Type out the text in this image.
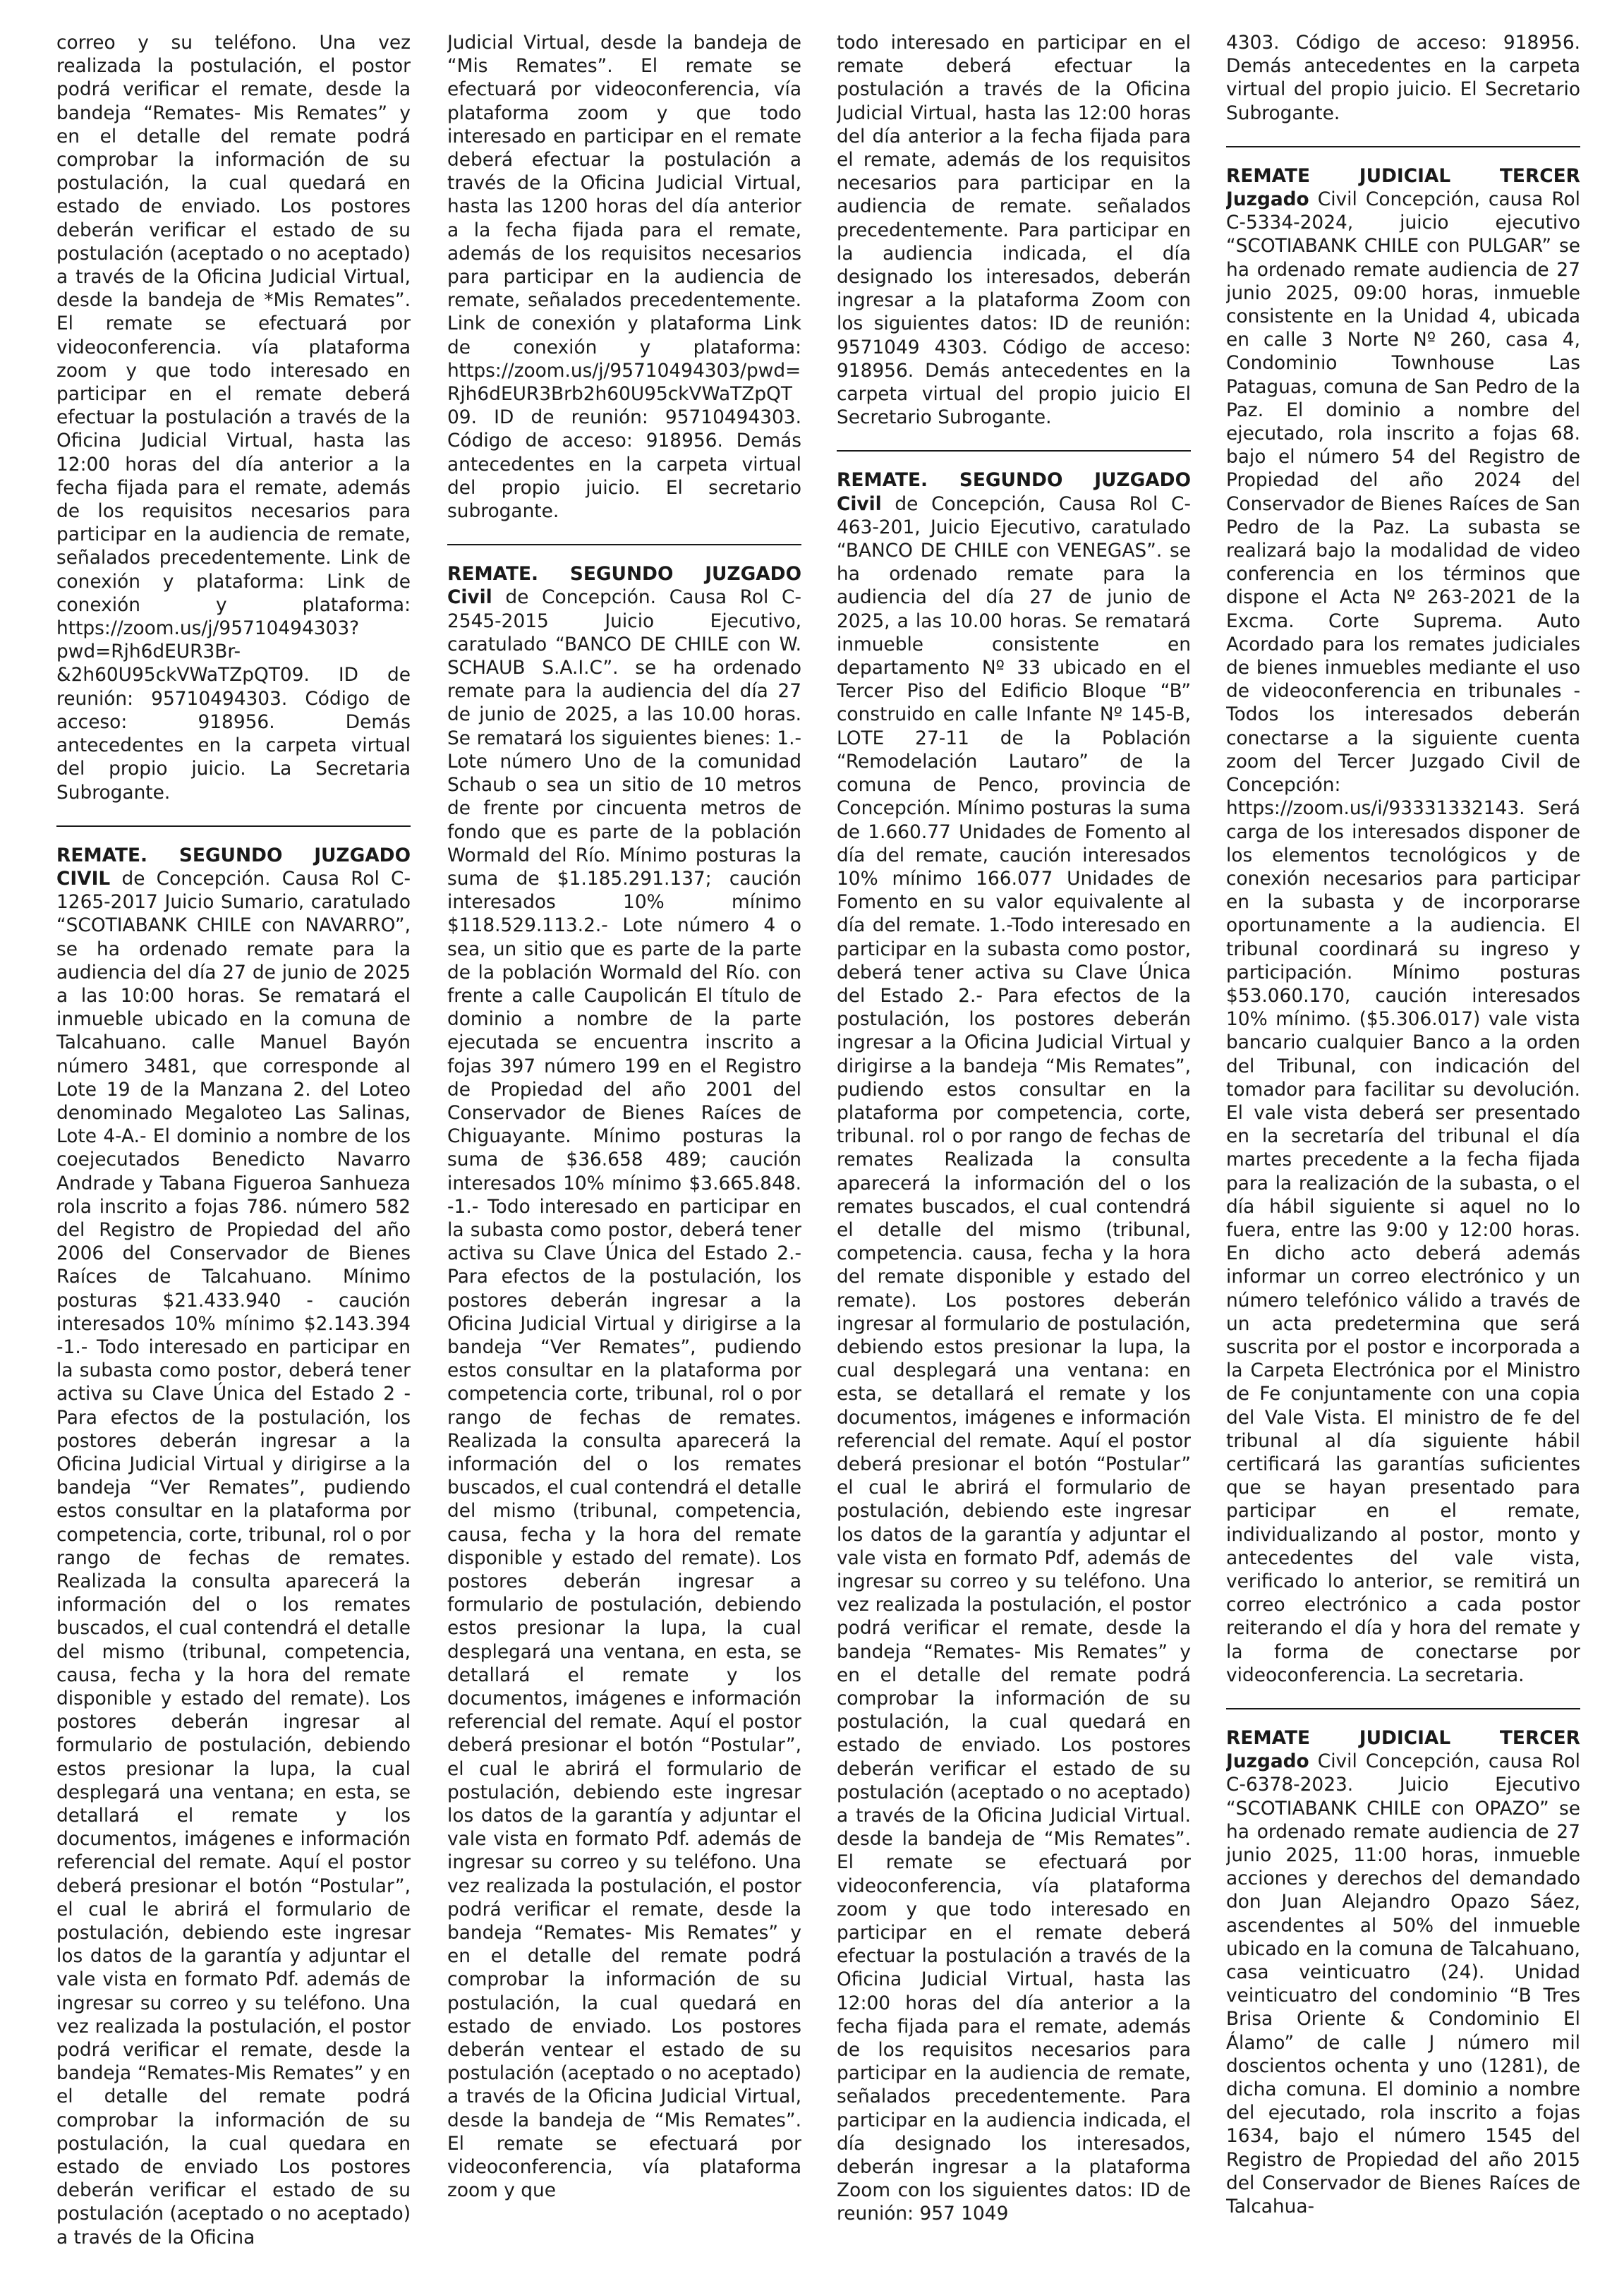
correo y su teléfono. Una vez realizada la postulación, el postor podrá verificar el remate, desde la bandeja “Remates- Mis Remates” y en el detalle del remate podrá comprobar la información de su postulación, la cual quedará en estado de enviado. Los postores deberán verificar el estado de su postulación (aceptado o no aceptado) a través de la Oficina Judicial Virtual, desde la bandeja de *Mis Remates”. El remate se efectuará por videoconferencia. vía plataforma zoom y que todo interesado en participar en el remate deberá efectuar la postulación a través de la Oficina Judicial Virtual, hasta las 12:00 horas del día anterior a la fecha fijada para el remate, además de los requisitos necesarios para participar en la audiencia de remate, señalados precedentemente. Link de conexión y plataforma: Link de conexión y plataforma: https://zoom.us/j/95710494303?pwd=Rjh6dEUR3Br-&2h60U95ckVWaTZpQT09. ID de reunión: 95710494303. Código de acceso: 918956. Demás antecedentes en la carpeta virtual del propio juicio. La Secretaria Subrogante.

REMATE. SEGUNDO JUZGADO CIVIL de Concepción. Causa Rol C-1265-2017 Juicio Sumario, caratulado “SCOTIABANK CHILE con NAVARRO”, se ha ordenado remate para la audiencia del día 27 de junio de 2025 a las 10:00 horas. Se rematará el inmueble ubicado en la comuna de Talcahuano. calle Manuel Bayón número 3481, que corresponde al Lote 19 de la Manzana 2. del Loteo denominado Megaloteo Las Salinas, Lote 4-A.- El dominio a nombre de los coejecutados Benedicto Navarro Andrade y Tabana Figueroa Sanhueza rola inscrito a fojas 786. número 582 del Registro de Propiedad del año 2006 del Conservador de Bienes Raíces de Talcahuano. Mínimo posturas $21.433.940 - caución interesados 10% mínimo $2.143.394 -1.- Todo interesado en participar en la subasta como postor, deberá tener activa su Clave Única del Estado 2 -Para efectos de la postulación, los postores deberán ingresar a la Oficina Judicial Virtual y dirigirse a la bandeja “Ver Remates”, pudiendo estos consultar en la plataforma por competencia, corte, tribunal, rol o por rango de fechas de remates. Realizada la consulta aparecerá la información del o los remates buscados, el cual contendrá el detalle del mismo (tribunal, competencia, causa, fecha y la hora del remate disponible y estado del remate). Los postores deberán ingresar al formulario de postulación, debiendo estos presionar la lupa, la cual desplegará una ventana; en esta, se detallará el remate y los documentos, imágenes e información referencial del remate. Aquí el postor deberá presionar el botón “Postular”, el cual le abrirá el formulario de postulación, debiendo este ingresar los datos de la garantía y adjuntar el vale vista en formato Pdf. además de ingresar su correo y su teléfono. Una vez realizada la postulación, el postor podrá verificar el remate, desde la bandeja “Remates-Mis Remates” y en el detalle del remate podrá comprobar la información de su postulación, la cual quedara en estado de enviado Los postores deberán verificar el estado de su postulación (aceptado o no aceptado) a través de la Oficina

Judicial Virtual, desde la bandeja de “Mis Remates”. El remate se efectuará por videoconferencia, vía plataforma zoom y que todo interesado en participar en el remate deberá efectuar la postulación a través de la Oficina Judicial Virtual, hasta las 1200 horas del día anterior a la fecha fijada para el remate, además de los requisitos necesarios para participar en la audiencia de remate, señalados precedentemente. Link de conexión y plataforma Link de conexión y plataforma: https://zoom.us/j/95710494303/pwd=Rjh6dEUR3Brb2h60U95ckVWaTZpQT09. ID de reunión: 95710494303. Código de acceso: 918956. Demás antecedentes en la carpeta virtual del propio juicio. El secretario subrogante.

REMATE. SEGUNDO JUZGADO Civil de Concepción. Causa Rol C-2545-2015 Juicio Ejecutivo, caratulado “BANCO DE CHILE con W. SCHAUB S.A.I.C”. se ha ordenado remate para la audiencia del día 27 de junio de 2025, a las 10.00 horas. Se rematará los siguientes bienes: 1.- Lote número Uno de la comunidad Schaub o sea un sitio de 10 metros de frente por cincuenta metros de fondo que es parte de la población Wormald del Río. Mínimo posturas la suma de $1.185.291.137; caución interesados 10% mínimo $118.529.113.2.- Lote número 4 o sea, un sitio que es parte de la parte de la población Wormald del Río. con frente a calle Caupolicán El título de dominio a nombre de la parte ejecutada se encuentra inscrito a fojas 397 número 199 en el Registro de Propiedad del año 2001 del Conservador de Bienes Raíces de Chiguayante. Mínimo posturas la suma de $36.658 489; caución interesados 10% mínimo $3.665.848. -1.- Todo interesado en participar en la subasta como postor, deberá tener activa su Clave Única del Estado 2.- Para efectos de la postulación, los postores deberán ingresar a la Oficina Judicial Virtual y dirigirse a la bandeja “Ver Remates”, pudiendo estos consultar en la plataforma por competencia corte, tribunal, rol o por rango de fechas de remates. Realizada la consulta aparecerá la información del o los remates buscados, el cual contendrá el detalle del mismo (tribunal, competencia, causa, fecha y la hora del remate disponible y estado del remate). Los postores deberán ingresar a formulario de postulación, debiendo estos presionar la lupa, la cual desplegará una ventana, en esta, se detallará el remate y los documentos, imágenes e información referencial del remate. Aquí el postor deberá presionar el botón “Postular”, el cual le abrirá el formulario de postulación, debiendo este ingresar los datos de la garantía y adjuntar el vale vista en formato Pdf. además de ingresar su correo y su teléfono. Una vez realizada la postulación, el postor podrá verificar el remate, desde la bandeja “Remates- Mis Remates” y en el detalle del remate podrá comprobar la información de su postulación, la cual quedará en estado de enviado. Los postores deberán ventear el estado de su postulación (aceptado o no aceptado) a través de la Oficina Judicial Virtual, desde la bandeja de “Mis Remates”. El remate se efectuará por videoconferencia, vía plataforma zoom y que

todo interesado en participar en el remate deberá efectuar la postulación a través de la Oficina Judicial Virtual, hasta las 12:00 horas del día anterior a la fecha fijada para el remate, además de los requisitos necesarios para participar en la audiencia de remate. señalados precedentemente. Para participar en la audiencia indicada, el día designado los interesados, deberán ingresar a la plataforma Zoom con los siguientes datos: ID de reunión: 9571049 4303. Código de acceso: 918956. Demás antecedentes en la carpeta virtual del propio juicio El Secretario Subrogante.

REMATE. SEGUNDO JUZGADO Civil de Concepción, Causa Rol C-463-201, Juicio Ejecutivo, caratulado “BANCO DE CHILE con VENEGAS”. se ha ordenado remate para la audiencia del día 27 de junio de 2025, a las 10.00 horas. Se rematará inmueble consistente en departamento Nº 33 ubicado en el Tercer Piso del Edificio Bloque “B” construido en calle Infante Nº 145-B, LOTE 27-11 de la Población “Remodelación Lautaro” de la comuna de Penco, provincia de Concepción. Mínimo posturas la suma de 1.660.77 Unidades de Fomento al día del remate, caución interesados 10% mínimo 166.077 Unidades de Fomento en su valor equivalente al día del remate. 1.-Todo interesado en participar en la subasta como postor, deberá tener activa su Clave Única del Estado 2.- Para efectos de la postulación, los postores deberán ingresar a la Oficina Judicial Virtual y dirigirse a la bandeja “Mis Remates”, pudiendo estos consultar en la plataforma por competencia, corte, tribunal. rol o por rango de fechas de remates Realizada la consulta aparecerá la información del o los remates buscados, el cual contendrá el detalle del mismo (tribunal, competencia. causa, fecha y la hora del remate disponible y estado del remate). Los postores deberán ingresar al formulario de postulación, debiendo estos presionar la lupa, la cual desplegará una ventana: en esta, se detallará el remate y los documentos, imágenes e información referencial del remate. Aquí el postor deberá presionar el botón “Postular” el cual le abrirá el formulario de postulación, debiendo este ingresar los datos de la garantía y adjuntar el vale vista en formato Pdf, además de ingresar su correo y su teléfono. Una vez realizada la postulación, el postor podrá verificar el remate, desde la bandeja “Remates- Mis Remates” y en el detalle del remate podrá comprobar la información de su postulación, la cual quedará en estado de enviado. Los postores deberán verificar el estado de su postulación (aceptado o no aceptado) a través de la Oficina Judicial Virtual. desde la bandeja de “Mis Remates”. El remate se efectuará por videoconferencia, vía plataforma zoom y que todo interesado en participar en el remate deberá efectuar la postulación a través de la Oficina Judicial Virtual, hasta las 12:00 horas del día anterior a la fecha fijada para el remate, además de los requisitos necesarios para participar en la audiencia de remate, señalados precedentemente. Para participar en la audiencia indicada, el día designado los interesados, deberán ingresar a la plataforma Zoom con los siguientes datos: ID de reunión: 957 1049

4303. Código de acceso: 918956. Demás antecedentes en la carpeta virtual del propio juicio. El Secretario Subrogante.

REMATE JUDICIAL TERCER Juzgado Civil Concepción, causa Rol C-5334-2024, juicio ejecutivo “SCOTIABANK CHILE con PULGAR” se ha ordenado remate audiencia de 27 junio 2025, 09:00 horas, inmueble consistente en la Unidad 4, ubicada en calle 3 Norte Nº 260, casa 4, Condominio Townhouse Las Pataguas, comuna de San Pedro de la Paz. El dominio a nombre del ejecutado, rola inscrito a fojas 68. bajo el número 54 del Registro de Propiedad del año 2024 del Conservador de Bienes Raíces de San Pedro de la Paz. La subasta se realizará bajo la modalidad de video conferencia en los términos que dispone el Acta Nº 263-2021 de la Excma. Corte Suprema. Auto Acordado para los remates judiciales de bienes inmuebles mediante el uso de videoconferencia en tribunales - Todos los interesados deberán conectarse a la siguiente cuenta zoom del Tercer Juzgado Civil de Concepción: https://zoom.us/i/93331332143. Será carga de los interesados disponer de los elementos tecnológicos y de conexión necesarios para participar en la subasta y de incorporarse oportunamente a la audiencia. El tribunal coordinará su ingreso y participación. Mínimo posturas $53.060.170, caución interesados 10% mínimo. ($5.306.017) vale vista bancario cualquier Banco a la orden del Tribunal, con indicación del tomador para facilitar su devolución. El vale vista deberá ser presentado en la secretaría del tribunal el día martes precedente a la fecha fijada para la realización de la subasta, o el día hábil siguiente si aquel no lo fuera, entre las 9:00 y 12:00 horas. En dicho acto deberá además informar un correo electrónico y un número telefónico válido a través de un acta predetermina que será suscrita por el postor e incorporada a la Carpeta Electrónica por el Ministro de Fe conjuntamente con una copia del Vale Vista. El ministro de fe del tribunal al día siguiente hábil certificará las garantías suficientes que se hayan presentado para participar en el remate, individualizando al postor, monto y antecedentes del vale vista, verificado lo anterior, se remitirá un correo electrónico a cada postor reiterando el día y hora del remate y la forma de conectarse por videoconferencia. La secretaria.

REMATE JUDICIAL TERCER Juzgado Civil Concepción, causa Rol C-6378-2023. Juicio Ejecutivo “SCOTIABANK CHILE con OPAZO” se ha ordenado remate audiencia de 27 junio 2025, 11:00 horas, inmueble acciones y derechos del demandado don Juan Alejandro Opazo Sáez, ascendentes al 50% del inmueble ubicado en la comuna de Talcahuano, casa veinticuatro (24). Unidad veinticuatro del condominio “B Tres Brisa Oriente & Condominio El Álamo” de calle J número mil doscientos ochenta y uno (1281), de dicha comuna. El dominio a nombre del ejecutado, rola inscrito a fojas 1634, bajo el número 1545 del Registro de Propiedad del año 2015 del Conservador de Bienes Raíces de Talcahua-
